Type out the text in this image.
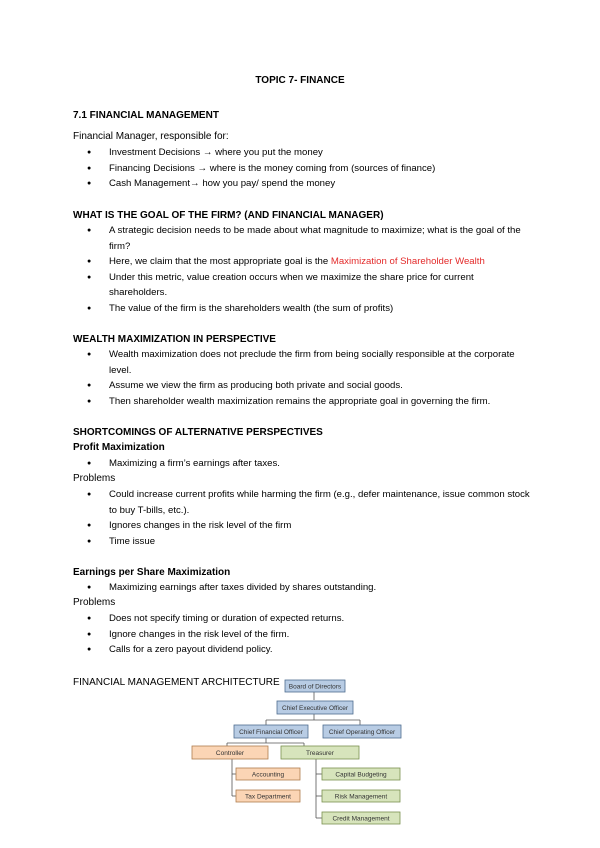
TOPIC 7- FINANCE
7.1 FINANCIAL MANAGEMENT
Financial Manager, responsible for:
● Investment Decisions → where you put the money
● Financing Decisions → where is the money coming from (sources of finance)
● Cash Management→ how you pay/ spend the money
WHAT IS THE GOAL OF THE FIRM? (AND FINANCIAL MANAGER)
● A strategic decision needs to be made about what magnitude to maximize; what is the goal of the firm?
● Here, we claim that the most appropriate goal is the Maximization of Shareholder Wealth
● Under this metric, value creation occurs when we maximize the share price for current shareholders.
● The value of the firm is the shareholders wealth (the sum of profits)
WEALTH MAXIMIZATION IN PERSPECTIVE
● Wealth maximization does not preclude the firm from being socially responsible at the corporate level.
● Assume we view the firm as producing both private and social goods.
● Then shareholder wealth maximization remains the appropriate goal in governing the firm.
SHORTCOMINGS OF ALTERNATIVE PERSPECTIVES
Profit Maximization
● Maximizing a firm’s earnings after taxes.
Problems
● Could increase current profits while harming the firm (e.g., defer maintenance, issue common stock to buy T-bills, etc.).
● Ignores changes in the risk level of the firm
● Time issue
Earnings per Share Maximization
● Maximizing earnings after taxes divided by shares outstanding.
Problems
● Does not specify timing or duration of expected returns.
● Ignore changes in the risk level of the firm.
● Calls for a zero payout dividend policy.
FINANCIAL MANAGEMENT ARCHITECTURE Board of Directors
Chief Executive Officer
Chief Financial Officer	Chief Operating Officer
Controller	Treasurer
Accounting
Tax Department
Capital Budgeting
Risk Management
Credit Management
